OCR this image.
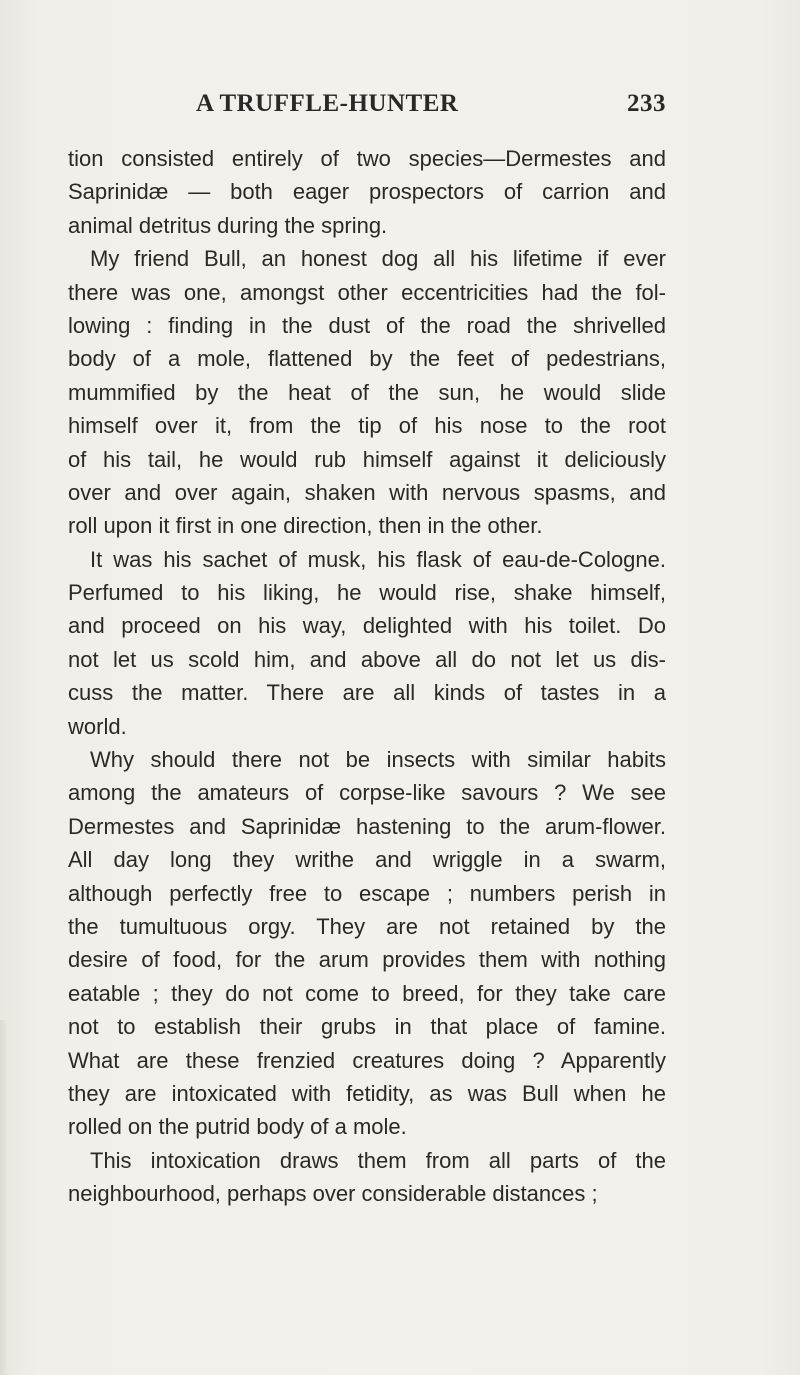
A TRUFFLE-HUNTER	233
tion consisted entirely of two species—Dermestes and
Saprinidæ — both eager prospectors of carrion and
animal detritus during the spring.
My friend Bull, an honest dog all his lifetime if ever
there was one, amongst other eccentricities had the fol-
lowing : finding in the dust of the road the shrivelled
body of a mole, flattened by the feet of pedestrians,
mummified by the heat of the sun, he would slide
himself over it, from the tip of his nose to the root
of his tail, he would rub himself against it deliciously
over and over again, shaken with nervous spasms, and
roll upon it first in one direction, then in the other.
It was his sachet of musk, his flask of eau-de-Cologne.
Perfumed to his liking, he would rise, shake himself,
and proceed on his way, delighted with his toilet. Do
not let us scold him, and above all do not let us dis-
cuss the matter. There are all kinds of tastes in a
world.
Why should there not be insects with similar habits
among the amateurs of corpse-like savours ? We see
Dermestes and Saprinidæ hastening to the arum-flower.
All day long they writhe and wriggle in a swarm,
although perfectly free to escape ; numbers perish in
the tumultuous orgy. They are not retained by the
desire of food, for the arum provides them with nothing
eatable ; they do not come to breed, for they take care
not to establish their grubs in that place of famine.
What are these frenzied creatures doing ? Apparently
they are intoxicated with fetidity, as was Bull when he
rolled on the putrid body of a mole.
This intoxication draws them from all parts of the
neighbourhood, perhaps over considerable distances ;
